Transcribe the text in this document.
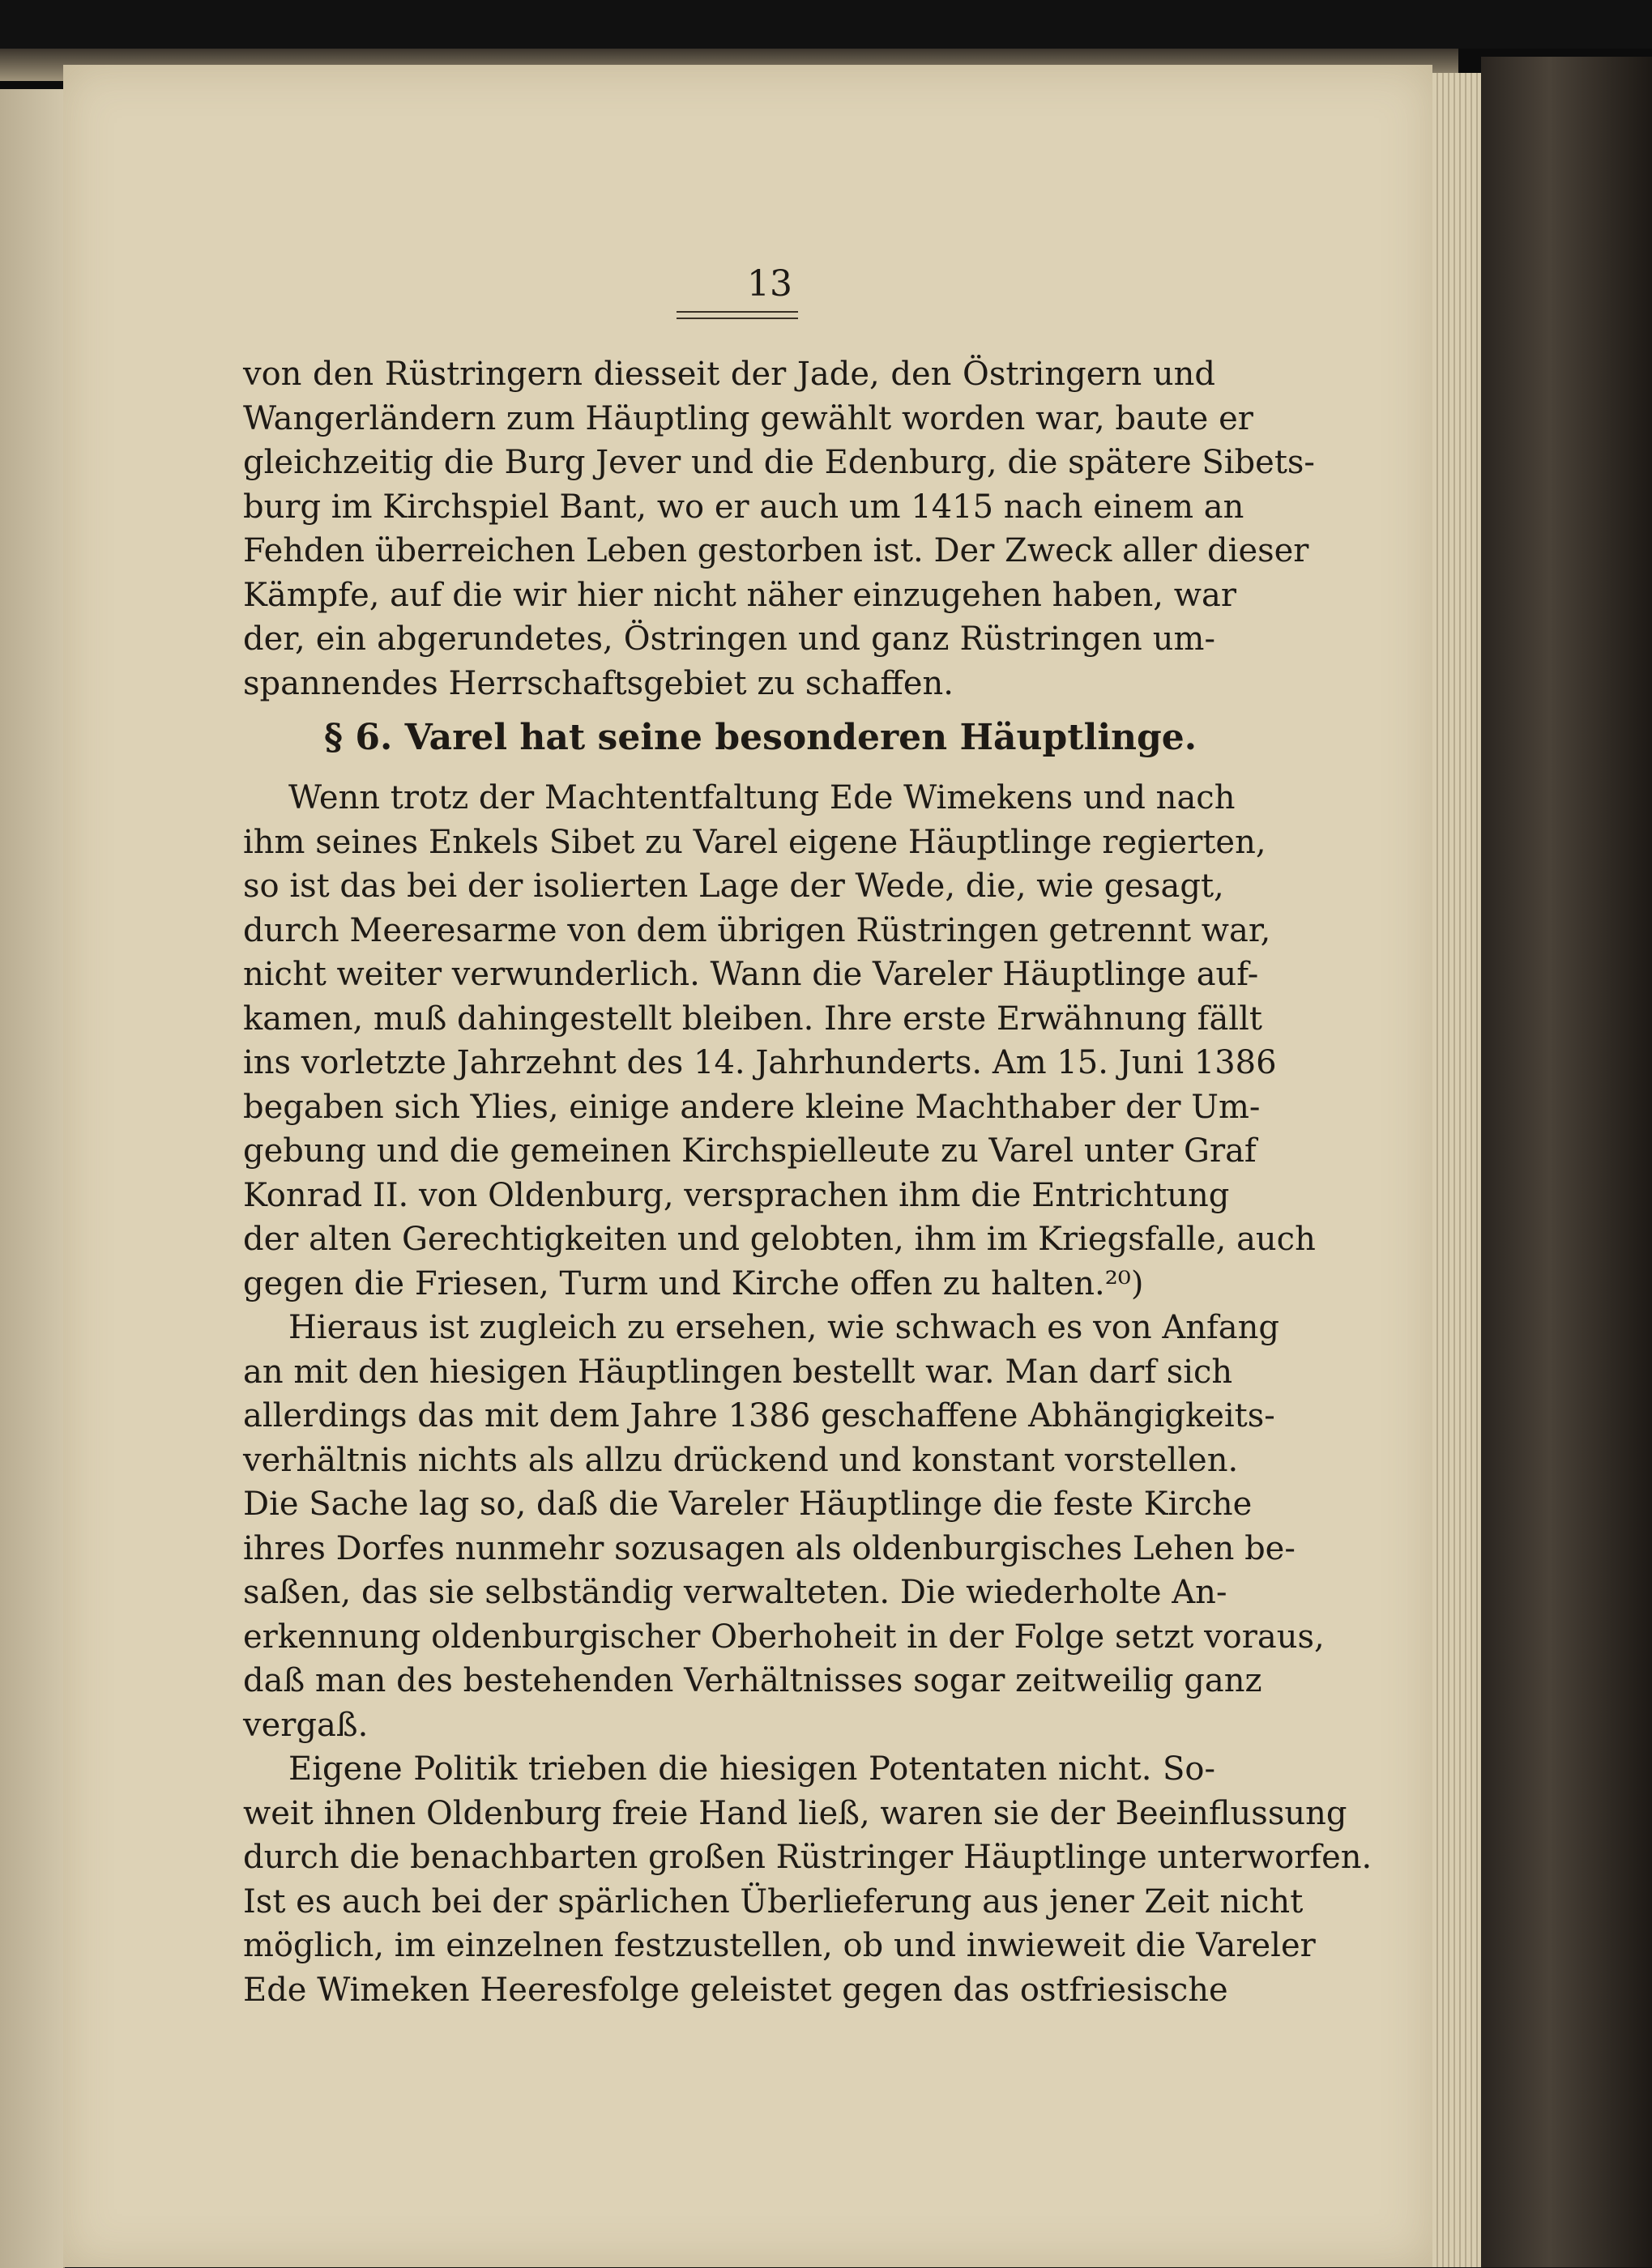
13
von den Rüstringern diesseit der Jade, den Östringern und
Wangerländern zum Häuptling gewählt worden war, baute er
gleichzeitig die Burg Jever und die Edenburg, die spätere Sibets-
burg im Kirchspiel Bant, wo er auch um 1415 nach einem an
Fehden überreichen Leben gestorben ist. Der Zweck aller dieser
Kämpfe, auf die wir hier nicht näher einzugehen haben, war
der, ein abgerundetes, Östringen und ganz Rüstringen um-
spannendes Herrschaftsgebiet zu schaffen.
§ 6. Varel hat seine besonderen Häuptlinge.
Wenn trotz der Machtentfaltung Ede Wimekens und nach
ihm seines Enkels Sibet zu Varel eigene Häuptlinge regierten,
so ist das bei der isolierten Lage der Wede, die, wie gesagt,
durch Meeresarme von dem übrigen Rüstringen getrennt war,
nicht weiter verwunderlich. Wann die Vareler Häuptlinge auf-
kamen, muß dahingestellt bleiben. Ihre erste Erwähnung fällt
ins vorletzte Jahrzehnt des 14. Jahrhunderts. Am 15. Juni 1386
begaben sich Ylies, einige andere kleine Machthaber der Um-
gebung und die gemeinen Kirchspielleute zu Varel unter Graf
Konrad II. von Oldenburg, versprachen ihm die Entrichtung
der alten Gerechtigkeiten und gelobten, ihm im Kriegsfalle, auch
gegen die Friesen, Turm und Kirche offen zu halten.²⁰)
Hieraus ist zugleich zu ersehen, wie schwach es von Anfang
an mit den hiesigen Häuptlingen bestellt war. Man darf sich
allerdings das mit dem Jahre 1386 geschaffene Abhängigkeits-
verhältnis nichts als allzu drückend und konstant vorstellen.
Die Sache lag so, daß die Vareler Häuptlinge die feste Kirche
ihres Dorfes nunmehr sozusagen als oldenburgisches Lehen be-
saßen, das sie selbständig verwalteten. Die wiederholte An-
erkennung oldenburgischer Oberhoheit in der Folge setzt voraus,
daß man des bestehenden Verhältnisses sogar zeitweilig ganz
vergaß.
Eigene Politik trieben die hiesigen Potentaten nicht. So-
weit ihnen Oldenburg freie Hand ließ, waren sie der Beeinflussung
durch die benachbarten großen Rüstringer Häuptlinge unterworfen.
Ist es auch bei der spärlichen Überlieferung aus jener Zeit nicht
möglich, im einzelnen festzustellen, ob und inwieweit die Vareler
Ede Wimeken Heeresfolge geleistet gegen das ostfriesische
